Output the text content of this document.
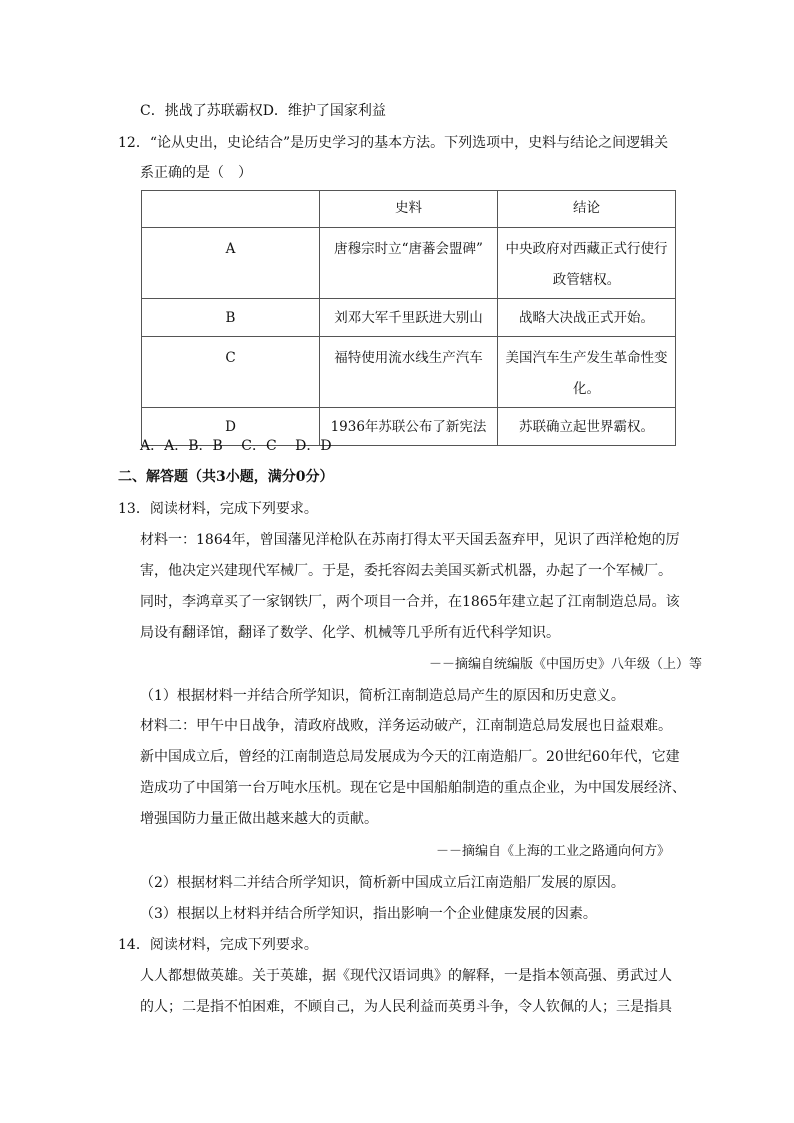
C．挑战了苏联霸权D．维护了国家利益
12．“论从史出，史论结合”是历史学习的基本方法。下列选项中，史料与结论之间逻辑关
系正确的是（　）
	史料	结论
A	唐穆宗时立“唐蕃会盟碑”	中央政府对西藏正式行使行
政管辖权。

B	刘邓大军千里跃进大别山	战略大决战正式开始。

C	福特使用流水线生产汽车	美国汽车生产发生革命性变
化。

D	1936年苏联公布了新宪法	苏联确立起世界霸权。
A．A．B．B　 C．C　 D．D
二、解答题（共3小题，满分0分）
13．阅读材料，完成下列要求。
材料一：1864年，曾国藩见洋枪队在苏南打得太平天国丢盔弃甲，见识了西洋枪炮的厉
害，他决定兴建现代军械厂。于是，委托容闳去美国买新式机器，办起了一个军械厂。
同时，李鸿章买了一家钢铁厂，两个项目一合并，在1865年建立起了江南制造总局。该
局设有翻译馆，翻译了数学、化学、机械等几乎所有近代科学知识。
－－摘编自统编版《中国历史》八年级（上）等
（1）根据材料一并结合所学知识，简析江南制造总局产生的原因和历史意义。
材料二：甲午中日战争，清政府战败，洋务运动破产，江南制造总局发展也日益艰难。
新中国成立后，曾经的江南制造总局发展成为今天的江南造船厂。20世纪60年代，它建
造成功了中国第一台万吨水压机。现在它是中国船舶制造的重点企业，为中国发展经济、
增强国防力量正做出越来越大的贡献。
－－摘编自《上海的工业之路通向何方》
（2）根据材料二并结合所学知识，简析新中国成立后江南造船厂发展的原因。
（3）根据以上材料并结合所学知识，指出影响一个企业健康发展的因素。
14．阅读材料，完成下列要求。
人人都想做英雄。关于英雄，据《现代汉语词典》的解释，一是指本领高强、勇武过人
的人；二是指不怕困难，不顾自己，为人民利益而英勇斗争，令人钦佩的人；三是指具
